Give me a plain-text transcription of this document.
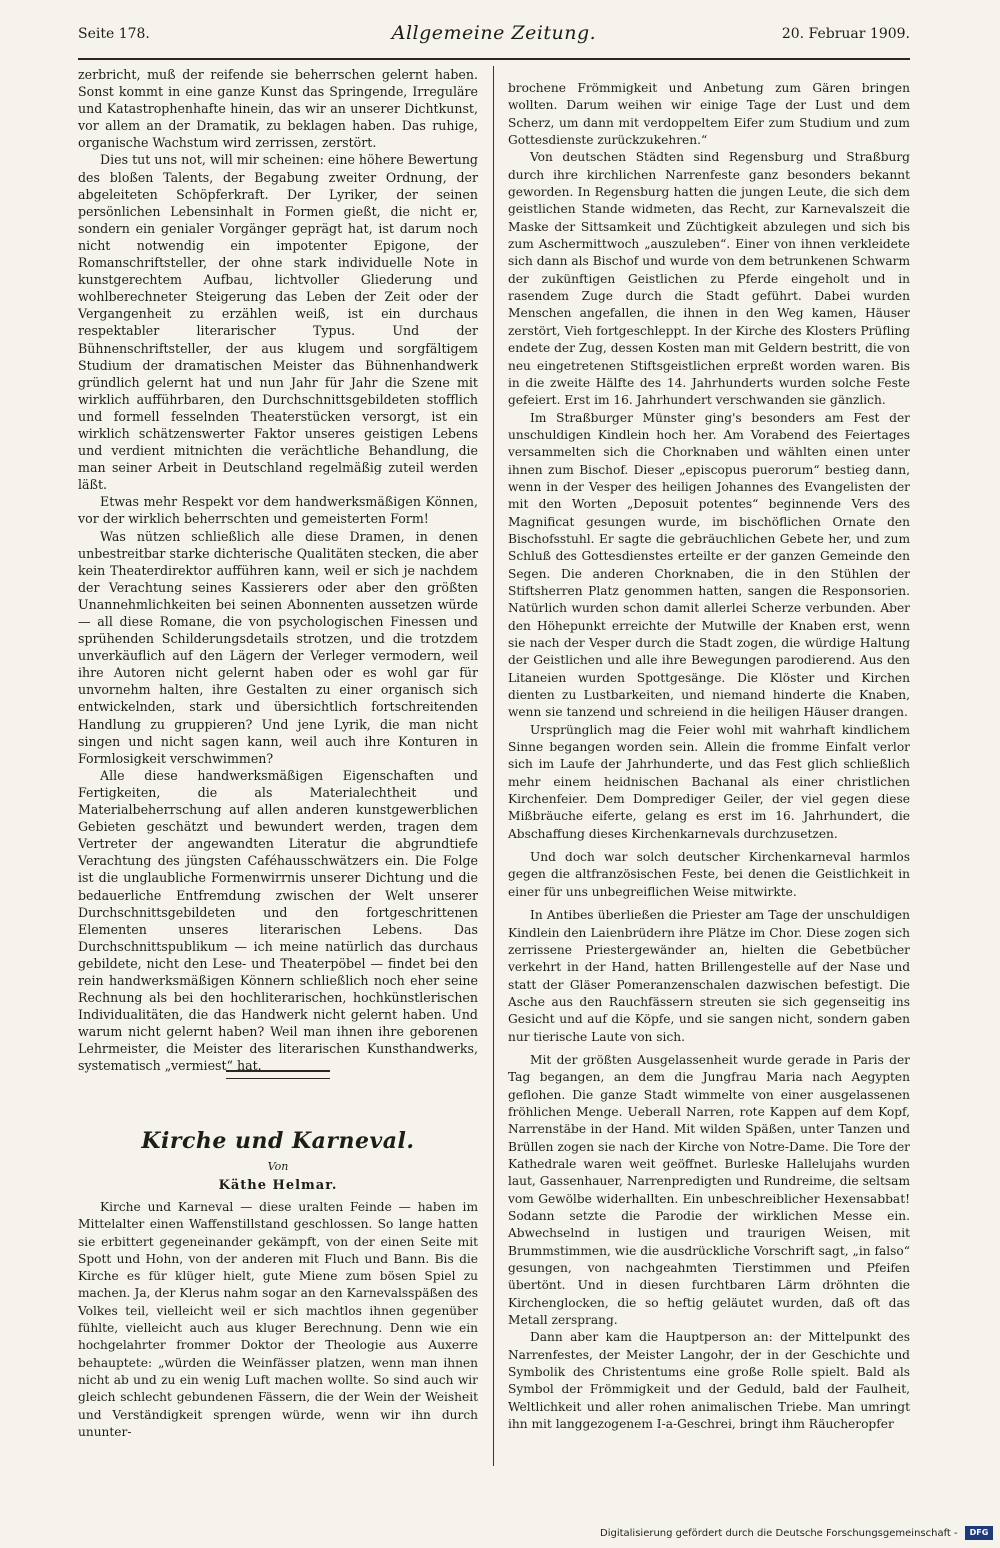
Seite 178.	Allgemeine Zeitung.	20. Februar 1909.

zerbricht, muß der reifende sie beherrschen gelernt haben. Sonst kommt in eine ganze Kunst das Springende, Irreguläre und Katastrophenhafte hinein, das wir an unserer Dichtkunst, vor allem an der Dramatik, zu beklagen haben. Das ruhige, organische Wachstum wird zerrissen, zerstört.

Dies tut uns not, will mir scheinen: eine höhere Bewertung des bloßen Talents, der Begabung zweiter Ordnung, der abgeleiteten Schöpferkraft. Der Lyriker, der seinen persönlichen Lebensinhalt in Formen gießt, die nicht er, sondern ein genialer Vorgänger geprägt hat, ist darum noch nicht notwendig ein impotenter Epigone, der Romanschriftsteller, der ohne stark individuelle Note in kunstgerechtem Aufbau, lichtvoller Gliederung und wohlberechneter Steigerung das Leben der Zeit oder der Vergangenheit zu erzählen weiß, ist ein durchaus respektabler literarischer Typus. Und der Bühnenschriftsteller, der aus klugem und sorgfältigem Studium der dramatischen Meister das Bühnenhandwerk gründlich gelernt hat und nun Jahr für Jahr die Szene mit wirklich aufführbaren, den Durchschnittsgebildeten stofflich und formell fesselnden Theaterstücken versorgt, ist ein wirklich schätzenswerter Faktor unseres geistigen Lebens und verdient mitnichten die verächtliche Behandlung, die man seiner Arbeit in Deutschland regelmäßig zuteil werden läßt.

Etwas mehr Respekt vor dem handwerksmäßigen Können, vor der wirklich beherrschten und gemeisterten Form!

Was nützen schließlich alle diese Dramen, in denen unbestreitbar starke dichterische Qualitäten stecken, die aber kein Theaterdirektor aufführen kann, weil er sich je nachdem der Verachtung seines Kassierers oder aber den größten Unannehmlichkeiten bei seinen Abonnenten aussetzen würde — all diese Romane, die von psychologischen Finessen und sprühenden Schilderungsdetails strotzen, und die trotzdem unverkäuflich auf den Lägern der Verleger vermodern, weil ihre Autoren nicht gelernt haben oder es wohl gar für unvornehm halten, ihre Gestalten zu einer organisch sich entwickelnden, stark und übersichtlich fortschreitenden Handlung zu gruppieren? Und jene Lyrik, die man nicht singen und nicht sagen kann, weil auch ihre Konturen in Formlosigkeit verschwimmen?

Alle diese handwerksmäßigen Eigenschaften und Fertigkeiten, die als Materialechtheit und Materialbeherrschung auf allen anderen kunstgewerblichen Gebieten geschätzt und bewundert werden, tragen dem Vertreter der angewandten Literatur die abgrundtiefe Verachtung des jüngsten Caféhausschwätzers ein. Die Folge ist die unglaubliche Formenwirrnis unserer Dichtung und die bedauerliche Entfremdung zwischen der Welt unserer Durchschnittsgebildeten und den fortgeschrittenen Elementen unseres literarischen Lebens. Das Durchschnittspublikum — ich meine natürlich das durchaus gebildete, nicht den Lese- und Theaterpöbel — findet bei den rein handwerksmäßigen Könnern schließlich noch eher seine Rechnung als bei den hochliterarischen, hochkünstlerischen Individualitäten, die das Handwerk nicht gelernt haben. Und warum nicht gelernt haben? Weil man ihnen ihre geborenen Lehrmeister, die Meister des literarischen Kunsthandwerks, systematisch „vermiest“ hat.

Kirche und Karneval.
Von
Käthe Helmar.

Kirche und Karneval — diese uralten Feinde — haben im Mittelalter einen Waffenstillstand geschlossen. So lange hatten sie erbittert gegeneinander gekämpft, von der einen Seite mit Spott und Hohn, von der anderen mit Fluch und Bann. Bis die Kirche es für klüger hielt, gute Miene zum bösen Spiel zu machen. Ja, der Klerus nahm sogar an den Karnevalsspäßen des Volkes teil, vielleicht weil er sich machtlos ihnen gegenüber fühlte, vielleicht auch aus kluger Berechnung. Denn wie ein hochgelahrter frommer Doktor der Theologie aus Auxerre behauptete: „würden die Weinfässer platzen, wenn man ihnen nicht ab und zu ein wenig Luft machen wollte. So sind auch wir gleich schlecht gebundenen Fässern, die der Wein der Weisheit und Verständigkeit sprengen würde, wenn wir ihn durch ununter-

brochene Frömmigkeit und Anbetung zum Gären bringen wollten. Darum weihen wir einige Tage der Lust und dem Scherz, um dann mit verdoppeltem Eifer zum Studium und zum Gottesdienste zurückzukehren.“

Von deutschen Städten sind Regensburg und Straßburg durch ihre kirchlichen Narrenfeste ganz besonders bekannt geworden. In Regensburg hatten die jungen Leute, die sich dem geistlichen Stande widmeten, das Recht, zur Karnevalszeit die Maske der Sittsamkeit und Züchtigkeit abzulegen und sich bis zum Aschermittwoch „auszuleben“. Einer von ihnen verkleidete sich dann als Bischof und wurde von dem betrunkenen Schwarm der zukünftigen Geistlichen zu Pferde eingeholt und in rasendem Zuge durch die Stadt geführt. Dabei wurden Menschen angefallen, die ihnen in den Weg kamen, Häuser zerstört, Vieh fortgeschleppt. In der Kirche des Klosters Prüfling endete der Zug, dessen Kosten man mit Geldern bestritt, die von neu eingetretenen Stiftsgeistlichen erpreßt worden waren. Bis in die zweite Hälfte des 14. Jahrhunderts wurden solche Feste gefeiert. Erst im 16. Jahrhundert verschwanden sie gänzlich.

Im Straßburger Münster ging's besonders am Fest der unschuldigen Kindlein hoch her. Am Vorabend des Feiertages versammelten sich die Chorknaben und wählten einen unter ihnen zum Bischof. Dieser „episcopus puerorum“ bestieg dann, wenn in der Vesper des heiligen Johannes des Evangelisten der mit den Worten „Deposuit potentes“ beginnende Vers des Magnificat gesungen wurde, im bischöflichen Ornate den Bischofsstuhl. Er sagte die gebräuchlichen Gebete her, und zum Schluß des Gottesdienstes erteilte er der ganzen Gemeinde den Segen. Die anderen Chorknaben, die in den Stühlen der Stiftsherren Platz genommen hatten, sangen die Responsorien. Natürlich wurden schon damit allerlei Scherze verbunden. Aber den Höhepunkt erreichte der Mutwille der Knaben erst, wenn sie nach der Vesper durch die Stadt zogen, die würdige Haltung der Geistlichen und alle ihre Bewegungen parodierend. Aus den Litaneien wurden Spottgesänge. Die Klöster und Kirchen dienten zu Lustbarkeiten, und niemand hinderte die Knaben, wenn sie tanzend und schreiend in die heiligen Häuser drangen.

Ursprünglich mag die Feier wohl mit wahrhaft kindlichem Sinne begangen worden sein. Allein die fromme Einfalt verlor sich im Laufe der Jahrhunderte, und das Fest glich schließlich mehr einem heidnischen Bachanal als einer christlichen Kirchenfeier. Dem Domprediger Geiler, der viel gegen diese Mißbräuche eiferte, gelang es erst im 16. Jahrhundert, die Abschaffung dieses Kirchenkarnevals durchzusetzen.

Und doch war solch deutscher Kirchenkarneval harmlos gegen die altfranzösischen Feste, bei denen die Geistlichkeit in einer für uns unbegreiflichen Weise mitwirkte.

In Antibes überließen die Priester am Tage der unschuldigen Kindlein den Laienbrüdern ihre Plätze im Chor. Diese zogen sich zerrissene Priestergewänder an, hielten die Gebetbücher verkehrt in der Hand, hatten Brillengestelle auf der Nase und statt der Gläser Pomeranzenschalen dazwischen befestigt. Die Asche aus den Rauchfässern streuten sie sich gegenseitig ins Gesicht und auf die Köpfe, und sie sangen nicht, sondern gaben nur tierische Laute von sich.

Mit der größten Ausgelassenheit wurde gerade in Paris der Tag begangen, an dem die Jungfrau Maria nach Aegypten geflohen. Die ganze Stadt wimmelte von einer ausgelassenen fröhlichen Menge. Ueberall Narren, rote Kappen auf dem Kopf, Narrenstäbe in der Hand. Mit wilden Späßen, unter Tanzen und Brüllen zogen sie nach der Kirche von Notre-Dame. Die Tore der Kathedrale waren weit geöffnet. Burleske Hallelujahs wurden laut, Gassenhauer, Narrenpredigten und Rundreime, die seltsam vom Gewölbe widerhallten. Ein unbeschreiblicher Hexensabbat! Sodann setzte die Parodie der wirklichen Messe ein. Abwechselnd in lustigen und traurigen Weisen, mit Brummstimmen, wie die ausdrückliche Vorschrift sagt, „in falso“ gesungen, von nachgeahmten Tierstimmen und Pfeifen übertönt. Und in diesen furchtbaren Lärm dröhnten die Kirchenglocken, die so heftig geläutet wurden, daß oft das Metall zersprang.

Dann aber kam die Hauptperson an: der Mittelpunkt des Narrenfestes, der Meister Langohr, der in der Geschichte und Symbolik des Christentums eine große Rolle spielt. Bald als Symbol der Frömmigkeit und der Geduld, bald der Faulheit, Weltlichkeit und aller rohen animalischen Triebe. Man umringt ihn mit langgezogenem I-a-Geschrei, bringt ihm Räucheropfer

Digitalisierung gefördert durch die Deutsche Forschungsgemeinschaft -	DFG
